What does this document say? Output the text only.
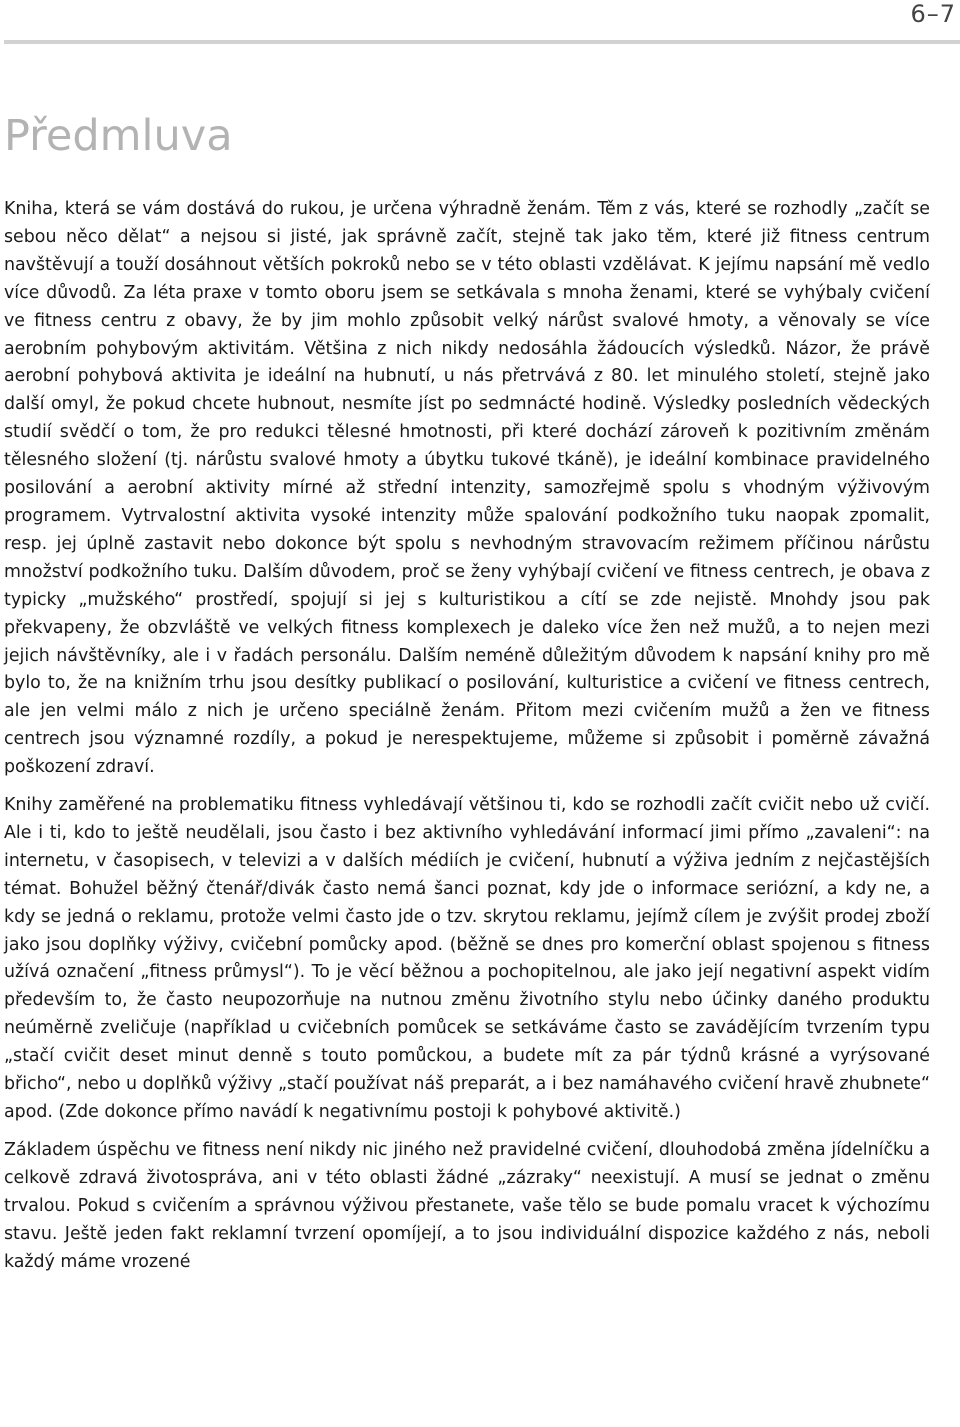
6–7
Předmluva

Kniha, která se vám dostává do rukou, je určena výhradně ženám. Těm z vás, které se rozhodly „začít se sebou něco dělat“ a nejsou si jisté, jak správně začít, stejně tak jako těm, které již fitness centrum navštěvují a touží dosáhnout větších pokroků nebo se v této oblasti vzdělávat. K jejímu napsání mě vedlo více důvodů. Za léta praxe v tomto oboru jsem se setkávala s mnoha ženami, které se vyhýbaly cvičení ve fitness centru z obavy, že by jim mohlo způsobit velký nárůst svalové hmoty, a věnovaly se více aerobním pohybovým aktivitám. Většina z nich nikdy nedosáhla žádoucích výsledků. Názor, že právě aerobní pohybová aktivita je ideální na hubnutí, u nás přetrvává z 80. let minulého století, stejně jako další omyl, že pokud chcete hubnout, nesmíte jíst po sedmnácté hodině. Výsledky posledních vědeckých studií svědčí o tom, že pro redukci tělesné hmotnosti, při které dochází zároveň k pozitivním změnám tělesného složení (tj. nárůstu svalové hmoty a úbytku tukové tkáně), je ideální kombinace pravidelného posilování a aerobní aktivity mírné až střední intenzity, samozřejmě spolu s vhodným výživovým programem. Vytrvalostní aktivita vysoké intenzity může spalování podkožního tuku naopak zpomalit, resp. jej úplně zastavit nebo dokonce být spolu s nevhodným stravovacím režimem příčinou nárůstu množství podkožního tuku. Dalším důvodem, proč se ženy vyhýbají cvičení ve fitness centrech, je obava z typicky „mužského“ prostředí, spojují si jej s kulturistikou a cítí se zde nejistě. Mnohdy jsou pak překvapeny, že obzvláště ve velkých fitness komplexech je daleko více žen než mužů, a to nejen mezi jejich návštěvníky, ale i v řadách personálu. Dalším neméně důležitým důvodem k napsání knihy pro mě bylo to, že na knižním trhu jsou desítky publikací o posilování, kulturistice a cvičení ve fitness centrech, ale jen velmi málo z nich je určeno speciálně ženám. Přitom mezi cvičením mužů a žen ve fitness centrech jsou významné rozdíly, a pokud je nerespektujeme, můžeme si způsobit i poměrně závažná poškození zdraví.

Knihy zaměřené na problematiku fitness vyhledávají většinou ti, kdo se rozhodli začít cvičit nebo už cvičí. Ale i ti, kdo to ještě neudělali, jsou často i bez aktivního vyhledávání informací jimi přímo „zavaleni“: na internetu, v časopisech, v televizi a v dalších médiích je cvičení, hubnutí a výživa jedním z nejčastějších témat. Bohužel běžný čtenář/divák často nemá šanci poznat, kdy jde o informace seriózní, a kdy ne, a kdy se jedná o reklamu, protože velmi často jde o tzv. skrytou reklamu, jejímž cílem je zvýšit prodej zboží jako jsou doplňky výživy, cvičební pomůcky apod. (běžně se dnes pro komerční oblast spojenou s fitness užívá označení „fitness průmysl“). To je věcí běžnou a pochopitelnou, ale jako její negativní aspekt vidím především to, že často neupozorňuje na nutnou změnu životního stylu nebo účinky daného produktu neúměrně zveličuje (například u cvičebních pomůcek se setkáváme často se zavádějícím tvrzením typu „stačí cvičit deset minut denně s touto pomůckou, a budete mít za pár týdnů krásné a vyrýsované břicho“, nebo u doplňků výživy „stačí používat náš preparát, a i bez namáhavého cvičení hravě zhubnete“ apod. (Zde dokonce přímo navádí k negativnímu postoji k pohybové aktivitě.)

Základem úspěchu ve fitness není nikdy nic jiného než pravidelné cvičení, dlouhodobá změna jídelníčku a celkově zdravá životospráva, ani v této oblasti žádné „zázraky“ neexistují. A musí se jednat o změnu trvalou. Pokud s cvičením a správnou výživou přestanete, vaše tělo se bude pomalu vracet k výchozímu stavu. Ještě jeden fakt reklamní tvrzení opomíjejí, a to jsou individuální dispozice každého z nás, neboli každý máme vrozené
